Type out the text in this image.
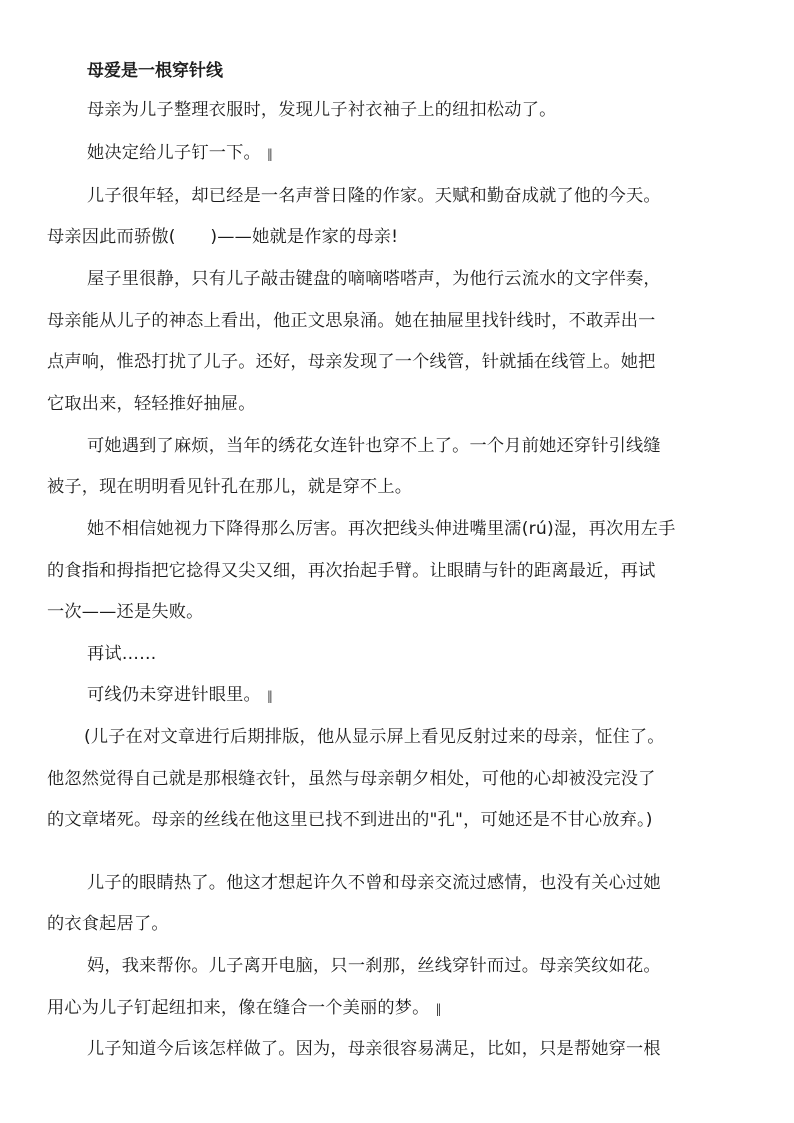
母爱是一根穿针线
母亲为儿子整理衣服时，发现儿子衬衣袖子上的纽扣松动了。
她决定给儿子钉一下。 ‖
儿子很年轻，却已经是一名声誉日隆的作家。天赋和勤奋成就了他的今天。
母亲因此而骄傲(　　)——她就是作家的母亲!
屋子里很静，只有儿子敲击键盘的嘀嘀嗒嗒声，为他行云流水的文字伴奏，
母亲能从儿子的神态上看出，他正文思泉涌。她在抽屉里找针线时，不敢弄出一
点声响，惟恐打扰了儿子。还好，母亲发现了一个线管，针就插在线管上。她把
它取出来，轻轻推好抽屉。
可她遇到了麻烦，当年的绣花女连针也穿不上了。一个月前她还穿针引线缝
被子，现在明明看见针孔在那儿，就是穿不上。
她不相信她视力下降得那么厉害。再次把线头伸进嘴里濡(rú)湿，再次用左手
的食指和拇指把它捻得又尖又细，再次抬起手臂。让眼睛与针的距离最近，再试
一次——还是失败。
再试……
可线仍未穿进针眼里。 ‖
(儿子在对文章进行后期排版，他从显示屏上看见反射过来的母亲，怔住了。
他忽然觉得自己就是那根缝衣针，虽然与母亲朝夕相处，可他的心却被没完没了
的文章堵死。母亲的丝线在他这里已找不到进出的"孔"，可她还是不甘心放弃。)
儿子的眼睛热了。他这才想起许久不曾和母亲交流过感情，也没有关心过她
的衣食起居了。
妈，我来帮你。儿子离开电脑，只一刹那，丝线穿针而过。母亲笑纹如花。
用心为儿子钉起纽扣来，像在缝合一个美丽的梦。 ‖
儿子知道今后该怎样做了。因为，母亲很容易满足，比如，只是帮她穿一根
